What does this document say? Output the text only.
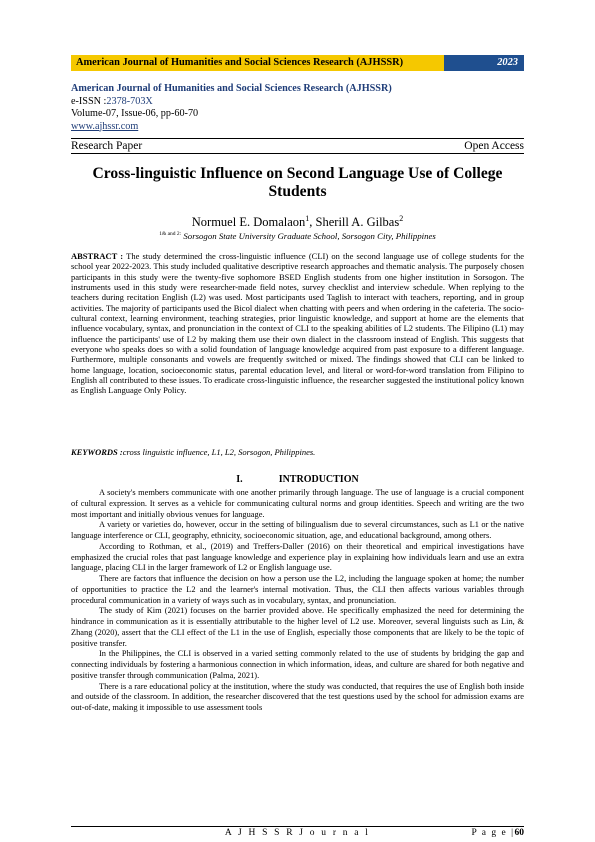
American Journal of Humanities and Social Sciences Research (AJHSSR)	2023
American Journal of Humanities and Social Sciences Research (AJHSSR)
e-ISSN :2378-703X
Volume-07, Issue-06, pp-60-70
www.ajhssr.com
Research Paper	Open Access
Cross-linguistic Influence on Second Language Use of College Students
Normuel E. Domalaon$^1$, Sherill A. Gilbas$^2$
$^{1\& and 2:}$ Sorsogon State University Graduate School, Sorsogon City, Philippines
ABSTRACT : The study determined the cross-linguistic influence (CLI) on the second language use of college students for the school year 2022-2023. This study included qualitative descriptive research approaches and thematic analysis. The purposely chosen participants in this study were the twenty-five sophomore BSED English students from one higher institution in Sorsogon. The instruments used in this study were researcher-made field notes, survey checklist and interview schedule. When replying to the teachers during recitation English (L2) was used. Most participants used Taglish to interact with teachers, reporting, and in group activities. The majority of participants used the Bicol dialect when chatting with peers and when ordering in the cafeteria. The socio-cultural context, learning environment, teaching strategies, prior linguistic knowledge, and support at home are the elements that influence vocabulary, syntax, and pronunciation in the context of CLI to the speaking abilities of L2 students. The Filipino (L1) may influence the participants' use of L2 by making them use their own dialect in the classroom instead of English. This suggests that everyone who speaks does so with a solid foundation of language knowledge acquired from past exposure to a different language. Furthermore, multiple consonants and vowels are frequently switched or mixed. The findings showed that CLI can be linked to home language, location, socioeconomic status, parental education level, and literal or word-for-word translation from Filipino to English all contributed to these issues. To eradicate cross-linguistic influence, the researcher suggested the institutional policy known as English Language Only Policy.
KEYWORDS :cross linguistic influence, L1, L2, Sorsogon, Philippines.
I.	INTRODUCTION

A society's members communicate with one another primarily through language. The use of language is a crucial component of cultural expression. It serves as a vehicle for communicating cultural norms and group identities. Speech and writing are the two most important and initially obvious venues for language.

A variety or varieties do, however, occur in the setting of bilingualism due to several circumstances, such as L1 or the native language interference or CLI, geography, ethnicity, socioeconomic situation, age, and educational background, among others.

According to Rothman, et al., (2019) and Treffers-Daller (2016) on their theoretical and empirical investigations have emphasized the crucial roles that past language knowledge and experience play in explaining how individuals learn and use an extra language, placing CLI in the larger framework of L2 or English language use.

There are factors that influence the decision on how a person use the L2, including the language spoken at home; the number of opportunities to practice the L2 and the learner's internal motivation. Thus, the CLI then affects various variables through procedural communication in a variety of ways such as in vocabulary, syntax, and pronunciation.

The study of Kim (2021) focuses on the barrier provided above. He specifically emphasized the need for determining the hindrance in communication as it is essentially attributable to the higher level of L2 use. Moreover, several linguists such as Lin, & Zhang (2020), assert that the CLI effect of the L1 in the use of English, especially those components that are likely to be the topic of positive transfer.

In the Philippines, the CLI is observed in a varied setting commonly related to the use of students by bridging the gap and connecting individuals by fostering a harmonious connection in which information, ideas, and culture are shared for both negative and positive transfer through communication (Palma, 2021).

There is a rare educational policy at the institution, where the study was conducted, that requires the use of English both inside and outside of the classroom. In addition, the researcher discovered that the test questions used by the school for admission exams are out-of-date, making it impossible to use assessment tools

A J H S S R J o u r n a l	P a g e |60
